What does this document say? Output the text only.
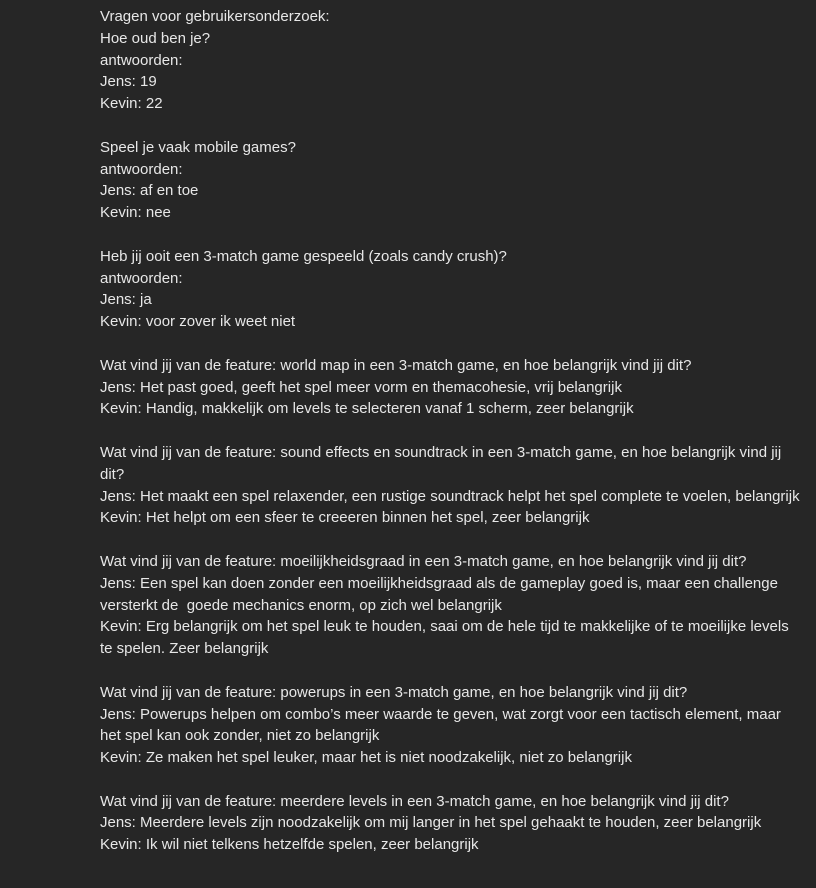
Vragen voor gebruikersonderzoek:
Hoe oud ben je?
antwoorden:
Jens: 19
Kevin: 22
Speel je vaak mobile games?
antwoorden:
Jens: af en toe
Kevin: nee
Heb jij ooit een 3-match game gespeeld (zoals candy crush)?
antwoorden:
Jens: ja
Kevin: voor zover ik weet niet
Wat vind jij van de feature: world map in een 3-match game, en hoe belangrijk vind jij dit?
Jens: Het past goed, geeft het spel meer vorm en themacohesie, vrij belangrijk
Kevin: Handig, makkelijk om levels te selecteren vanaf 1 scherm, zeer belangrijk
Wat vind jij van de feature: sound effects en soundtrack in een 3-match game, en hoe belangrijk vind jij dit?
Jens: Het maakt een spel relaxender, een rustige soundtrack helpt het spel complete te voelen, belangrijk
Kevin: Het helpt om een sfeer te creeeren binnen het spel, zeer belangrijk
Wat vind jij van de feature: moeilijkheidsgraad in een 3-match game, en hoe belangrijk vind jij dit?
Jens: Een spel kan doen zonder een moeilijkheidsgraad als de gameplay goed is, maar een challenge versterkt de  goede mechanics enorm, op zich wel belangrijk
Kevin: Erg belangrijk om het spel leuk te houden, saai om de hele tijd te makkelijke of te moeilijke levels te spelen. Zeer belangrijk
Wat vind jij van de feature: powerups in een 3-match game, en hoe belangrijk vind jij dit?
Jens: Powerups helpen om combo’s meer waarde te geven, wat zorgt voor een tactisch element, maar het spel kan ook zonder, niet zo belangrijk
Kevin: Ze maken het spel leuker, maar het is niet noodzakelijk, niet zo belangrijk
Wat vind jij van de feature: meerdere levels in een 3-match game, en hoe belangrijk vind jij dit?
Jens: Meerdere levels zijn noodzakelijk om mij langer in het spel gehaakt te houden, zeer belangrijk
Kevin: Ik wil niet telkens hetzelfde spelen, zeer belangrijk
